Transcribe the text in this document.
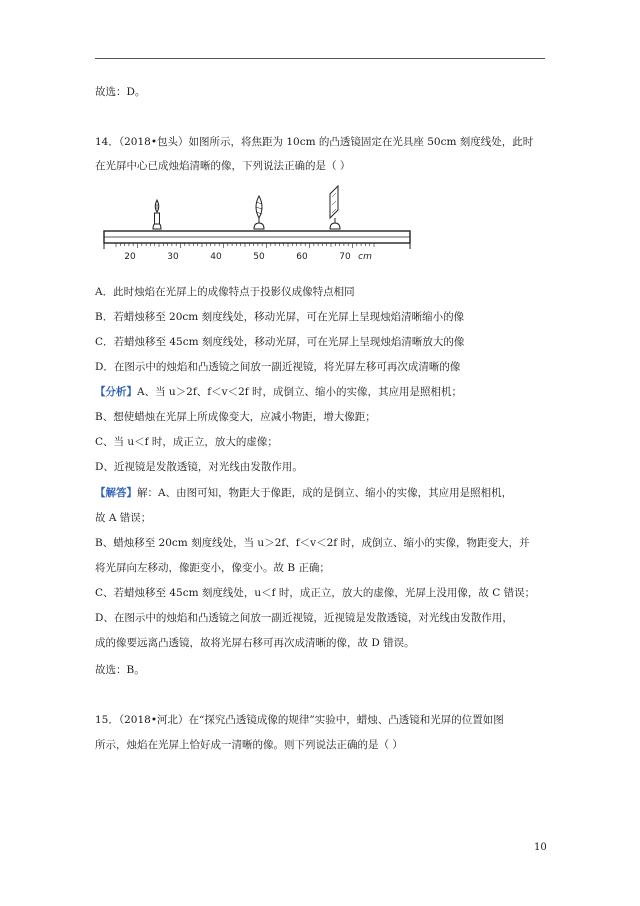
故选：D。
14．（2018•包头）如图所示，将焦距为 10cm 的凸透镜固定在光具座 50cm 刻度线处，此时
在光屏中心已成烛焰清晰的像，下列说法正确的是（ ）
20	30	40	50	60	70 cm
A．此时烛焰在光屏上的成像特点于投影仪成像特点相同
B．若蜡烛移至 20cm 刻度线处，移动光屏，可在光屏上呈现烛焰清晰缩小的像
C．若蜡烛移至 45cm 刻度线处，移动光屏，可在光屏上呈现烛焰清晰放大的像
D．在图示中的烛焰和凸透镜之间放一副近视镜，将光屏左移可再次成清晰的像
【分析】A、当 u＞2f、f＜v＜2f 时，成倒立、缩小的实像，其应用是照相机；
B、想使蜡烛在光屏上所成像变大，应减小物距，增大像距；
C、当 u＜f 时，成正立，放大的虚像；
D、近视镜是发散透镜，对光线由发散作用。
【解答】解：A、由图可知，物距大于像距，成的是倒立、缩小的实像，其应用是照相机，
故 A 错误；
B、蜡烛移至 20cm 刻度线处，当 u＞2f、f＜v＜2f 时，成倒立、缩小的实像，物距变大，并
将光屏向左移动，像距变小，像变小。故 B 正确；
C、若蜡烛移至 45cm 刻度线处，u＜f 时，成正立，放大的虚像，光屏上没用像，故 C 错误；
D、在图示中的烛焰和凸透镜之间放一副近视镜，近视镜是发散透镜，对光线由发散作用，
成的像要远离凸透镜，故将光屏右移可再次成清晰的像，故 D 错误。
故选：B。
15．（2018•河北）在“探究凸透镜成像的规律”实验中，蜡烛、凸透镜和光屏的位置如图
所示，烛焰在光屏上恰好成一清晰的像。则下列说法正确的是（ ）
10
